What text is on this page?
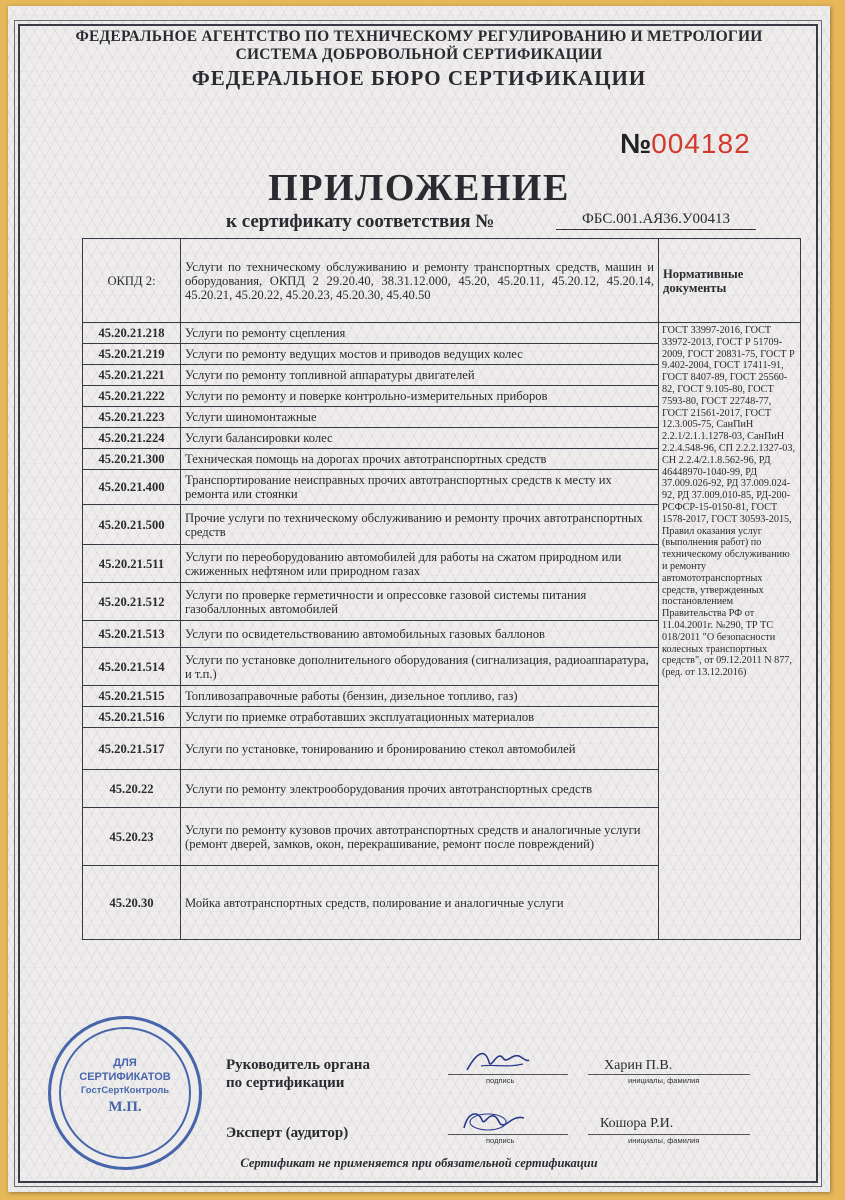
ФЕДЕРАЛЬНОЕ АГЕНТСТВО ПО ТЕХНИЧЕСКОМУ РЕГУЛИРОВАНИЮ И МЕТРОЛОГИИ
СИСТЕМА ДОБРОВОЛЬНОЙ СЕРТИФИКАЦИИ
ФЕДЕРАЛЬНОЕ БЮРО СЕРТИФИКАЦИИ
№004182
ПРИЛОЖЕНИЕ
к сертификату соответствия №	ФБС.001.АЯ36.У00413
ОКПД 2:	Услуги по техническому обслуживанию и ремонту транспортных средств, машин и оборудования, ОКПД 2 29.20.40, 38.31.12.000, 45.20, 45.20.11, 45.20.12, 45.20.14, 45.20.21, 45.20.22, 45.20.23, 45.20.30, 45.40.50	Нормативные документы
45.20.21.218	Услуги по ремонту сцепления	ГОСТ 33997-2016, ГОСТ 33972-2013, ГОСТ Р 51709-2009, ГОСТ 20831-75, ГОСТ Р 9.402-2004, ГОСТ 17411-91, ГОСТ 8407-89, ГОСТ 25560-82, ГОСТ 9.105-80, ГОСТ 7593-80, ГОСТ 22748-77, ГОСТ 21561-2017, ГОСТ 12.3.005-75, СанПиН 2.2.1/2.1.1.1278-03, СанПиН 2.2.4.548-96, СП 2.2.2.1327-03, СН 2.2.4/2.1.8.562-96, РД 46448970-1040-99, РД 37.009.026-92, РД 37.009.024-92, РД 37.009.010-85, РД-200-РСФСР-15-0150-81, ГОСТ 1578-2017, ГОСТ 30593-2015, Правил оказания услуг (выполнения работ) по техническому обслуживанию и ремонту автомототранспортных средств, утвержденных постановлением Правительства РФ от 11.04.2001г. №290, ТР ТС 018/2011 "О безопасности колесных транспортных средств", от 09.12.2011 N 877, (ред. от 13.12.2016)
45.20.21.219	Услуги по ремонту ведущих мостов и приводов ведущих колес	
45.20.21.221	Услуги по ремонту топливной аппаратуры двигателей	
45.20.21.222	Услуги по ремонту и поверке контрольно-измерительных приборов	
45.20.21.223	Услуги шиномонтажные	
45.20.21.224	Услуги балансировки колес	
45.20.21.300	Техническая помощь на дорогах прочих автотранспортных средств	
45.20.21.400	Транспортирование неисправных прочих автотранспортных средств к месту их ремонта или стоянки	
45.20.21.500	Прочие услуги по техническому обслуживанию и ремонту прочих автотранспортных средств	
45.20.21.511	Услуги по переоборудованию автомобилей для работы на сжатом природном или сжиженных нефтяном или природном газах	
45.20.21.512	Услуги по проверке герметичности и опрессовке газовой системы питания газобаллонных автомобилей	
45.20.21.513	Услуги по освидетельствованию автомобильных газовых баллонов	
45.20.21.514	Услуги по установке дополнительного оборудования (сигнализация, радиоаппаратура, и т.п.)	
45.20.21.515	Топливозаправочные работы (бензин, дизельное топливо, газ)	
45.20.21.516	Услуги по приемке отработавших эксплуатационных материалов	
45.20.21.517	Услуги по установке, тонированию и бронированию стекол автомобилей	
45.20.22	Услуги по ремонту электрооборудования прочих автотранспортных средств	
45.20.23	Услуги по ремонту кузовов прочих автотранспортных средств и аналогичные услуги (ремонт дверей, замков, окон, перекрашивание, ремонт после повреждений)	
45.20.30	Мойка автотранспортных средств, полирование и аналогичные услуги	
ДЛЯ
СЕРТИФИКАТОВ
ГостСертКонтроль
М.П.
Руководитель органа по сертификации	подпись
Харин П.В.
инициалы, фамилия
Эксперт (аудитор)	подпись
Кошора Р.И.
инициалы, фамилия
Сертификат не применяется при обязательной сертификации
